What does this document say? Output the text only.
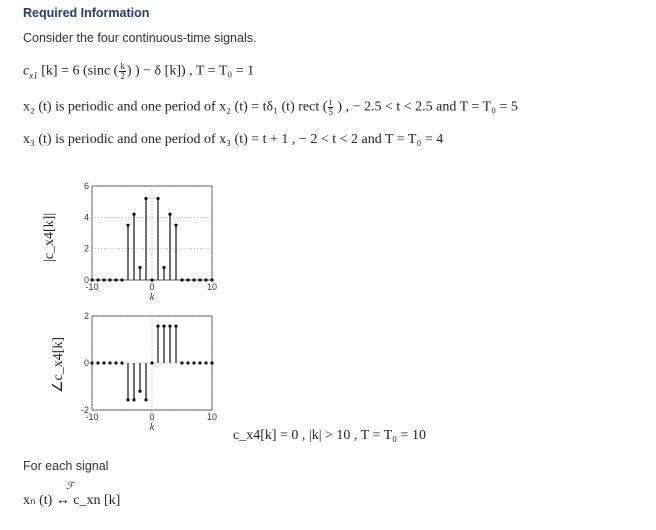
Required Information
Consider the four continuous-time signals.
$c_{x1}$ [k] = 6 (sinc ( $\frac{k}{2}$ ) ) − δ [k]) , T = T₀ = 1
x₂ (t) is periodic and one period of x₂ (t) = tδ₁ (t) rect ( $\frac{t}{5}$ ) , − 2.5 < t < 2.5 and T = T₀ = 5
x₃ (t) is periodic and one period of x₃ (t) = t + 1 , − 2 < t < 2 and T = T₀ = 4
|c_x4[k]|
∠c_x4[k]
6
4
2
0
-10	0	10
k
2
0
-2
-10	0	10
k
c_x4[k] = 0 , |k| > 10 , T = T₀ = 10
For each signal
xₙ (t) ↔ c_xn [k]
ℱ
